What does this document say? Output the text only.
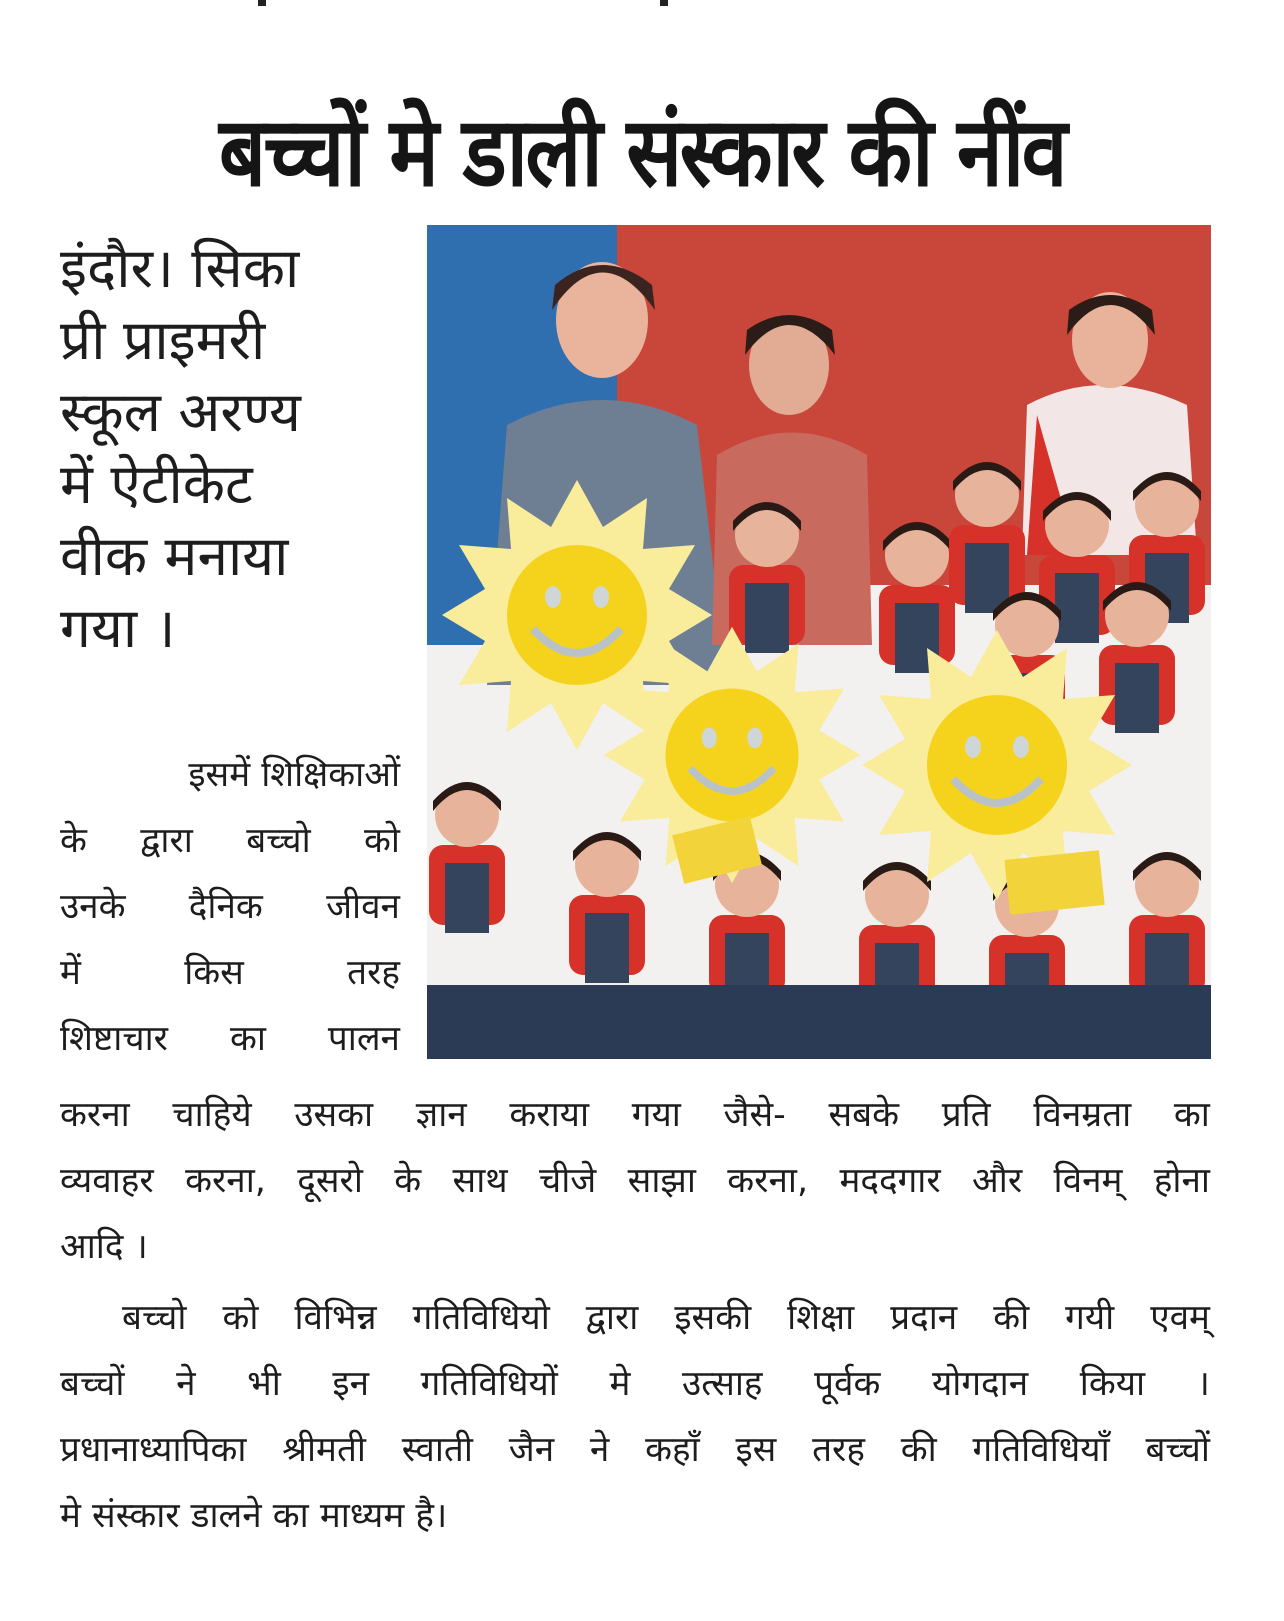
बच्चों मे डाली संस्कार की नींव
इंदौर। सिका
प्री प्राइमरी
स्कूल अरण्य
में ऐटीकेट
वीक मनाया
गया ।
इसमें शिक्षिकाओं
के द्वारा बच्चो को
उनके दैनिक जीवन
में	किस	तरह
शिष्टाचार का पालन
करना चाहिये उसका ज्ञान कराया गया जैसे- सबके प्रति विनम्रता का
व्यवाहर करना, दूसरो के साथ चीजे साझा करना, मददगार और विनम् होना
आदि ।
बच्चो को विभिन्न गतिविधियो द्वारा इसकी शिक्षा प्रदान की गयी एवम्
बच्चों ने भी इन गतिविधियों मे उत्साह पूर्वक योगदान किया ।
प्रधानाध्यापिका श्रीमती स्वाती जैन ने कहाँ इस तरह की गतिविधियाँ बच्चों
मे संस्कार डालने का माध्यम है।
